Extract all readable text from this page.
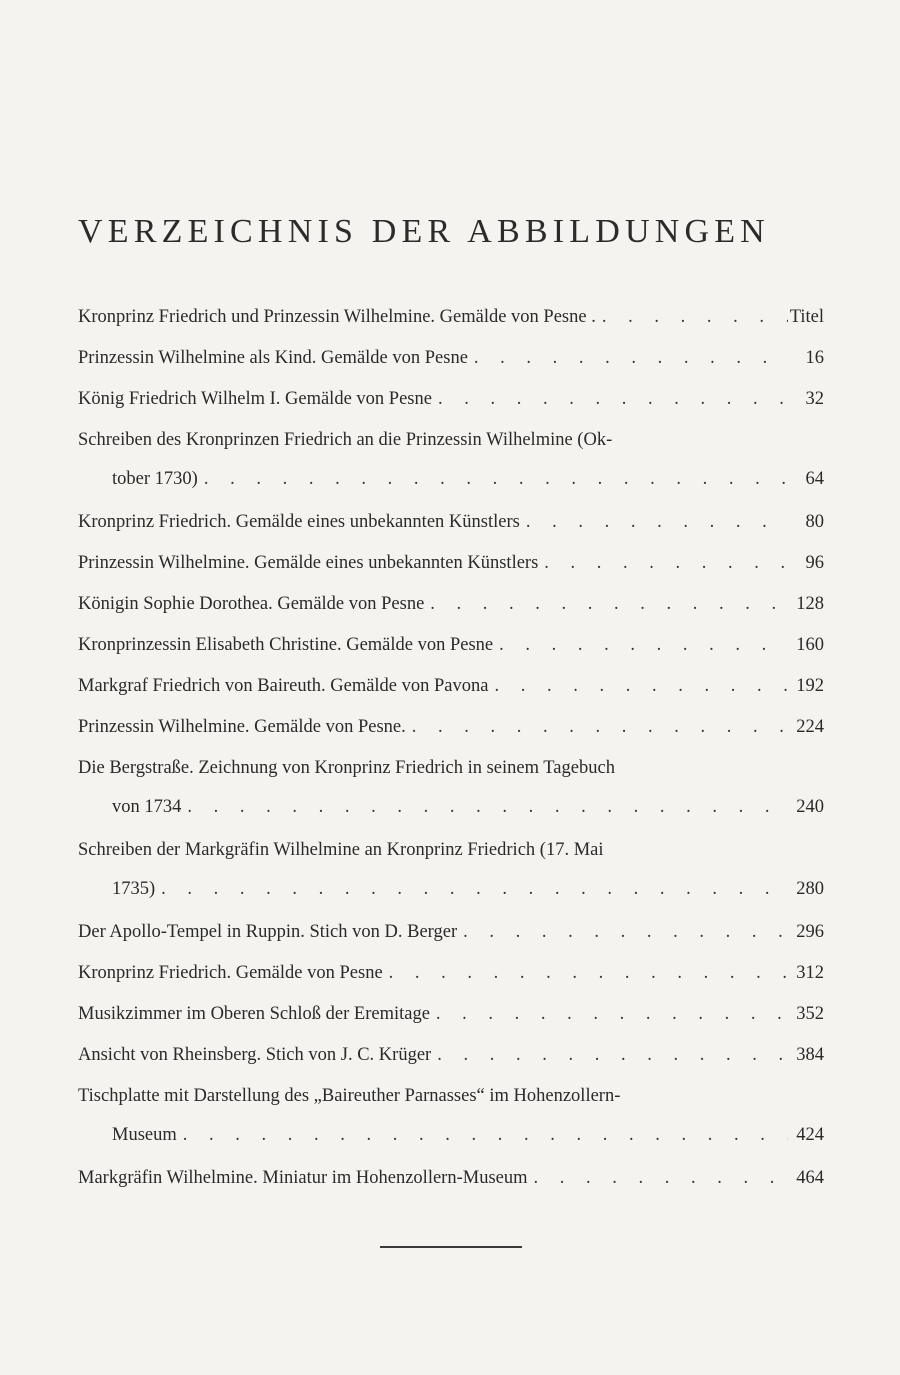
VERZEICHNIS DER ABBILDUNGEN
Kronprinz Friedrich und Prinzessin Wilhelmine. Gemälde von Pesne . . . .	Titel
Prinzessin Wilhelmine als Kind. Gemälde von Pesne . . .	16
König Friedrich Wilhelm I. Gemälde von Pesne . . .	32
Schreiben des Kronprinzen Friedrich an die Prinzessin Wilhelmine (Ok-
tober 1730) . . .	64
Kronprinz Friedrich. Gemälde eines unbekannten Künstlers . . .	80
Prinzessin Wilhelmine. Gemälde eines unbekannten Künstlers . . .	96
Königin Sophie Dorothea. Gemälde von Pesne . . .	128
Kronprinzessin Elisabeth Christine. Gemälde von Pesne . . .	160
Markgraf Friedrich von Baireuth. Gemälde von Pavona . . .	192
Prinzessin Wilhelmine. Gemälde von Pesne. . . .	224
Die Bergstraße. Zeichnung von Kronprinz Friedrich in seinem Tagebuch
von 1734 . . .	240
Schreiben der Markgräfin Wilhelmine an Kronprinz Friedrich (17. Mai
1735) . . .	280
Der Apollo-Tempel in Ruppin. Stich von D. Berger . . .	296
Kronprinz Friedrich. Gemälde von Pesne . . .	312
Musikzimmer im Oberen Schloß der Eremitage . . .	352
Ansicht von Rheinsberg. Stich von J. C. Krüger . . .	384
Tischplatte mit Darstellung des „Baireuther Parnasses“ im Hohenzollern-
Museum . . .	424
Markgräfin Wilhelmine. Miniatur im Hohenzollern-Museum . . .	464
